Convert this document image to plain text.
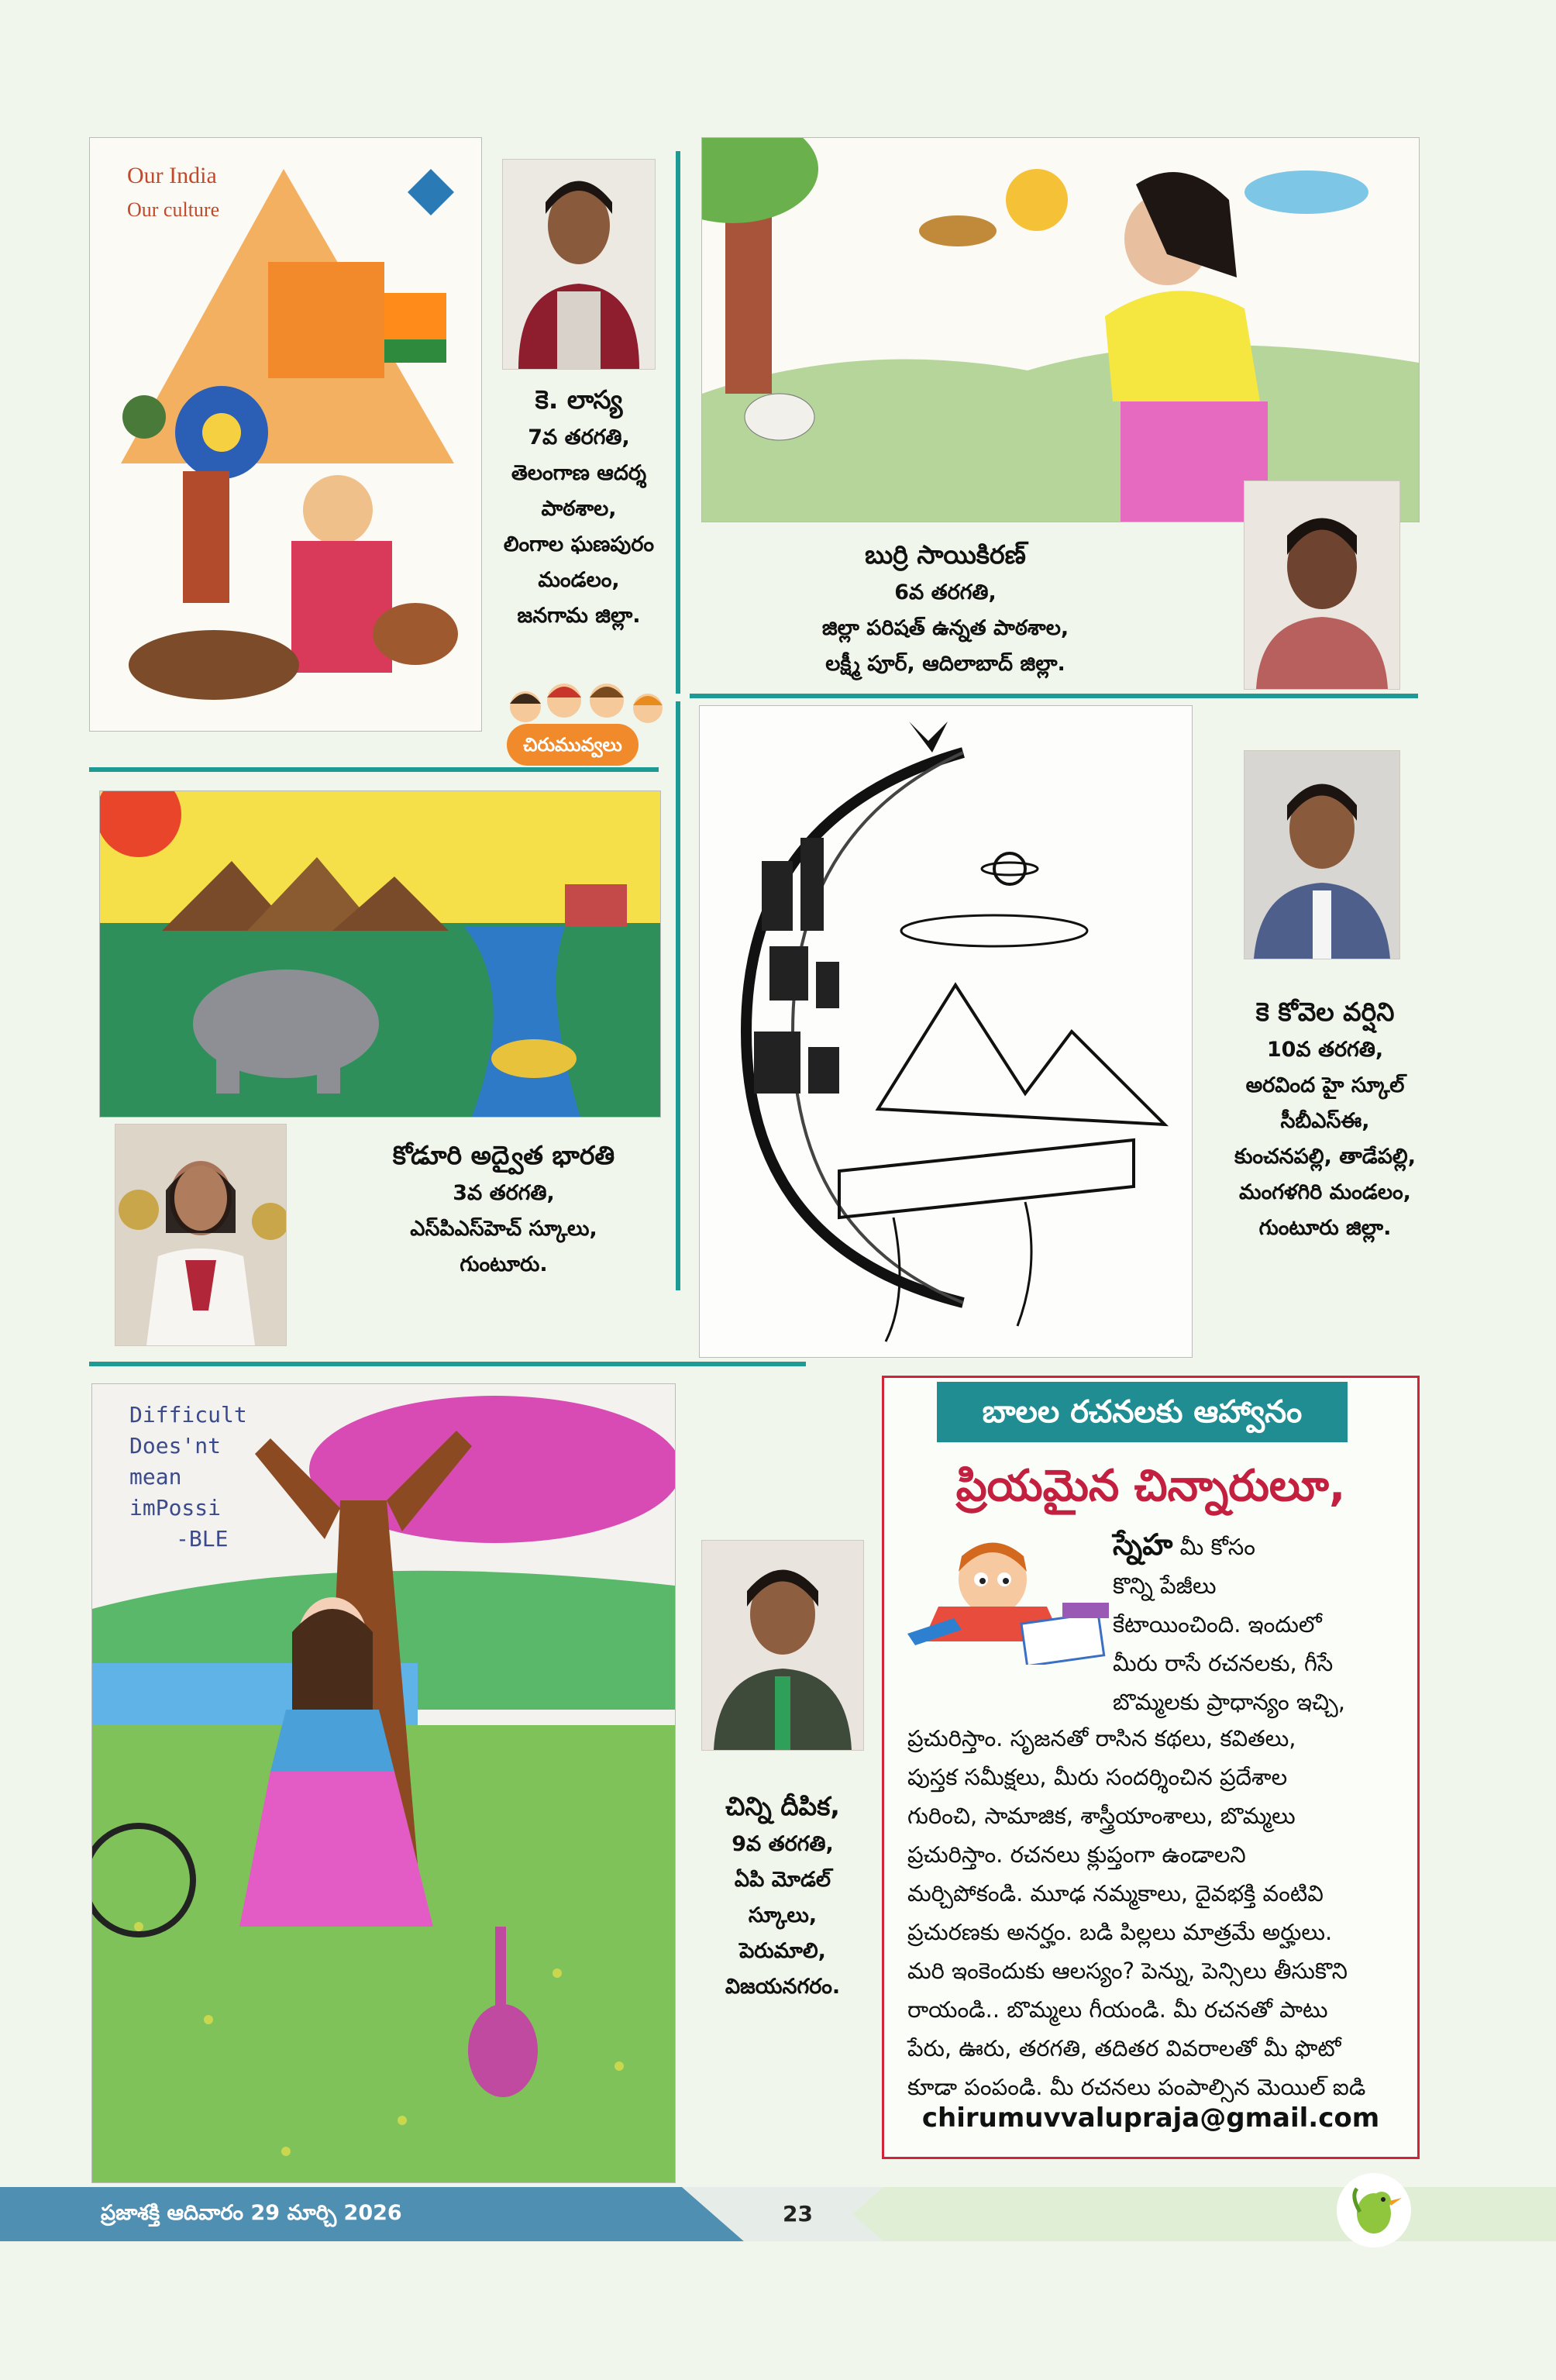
Our India
Our culture
కె. లాస్య
7వ తరగతి,
తెలంగాణ ఆదర్శ
పాఠశాల,
లింగాల ఘణపురం
మండలం,
జనగామ జిల్లా.
చిరుమువ్వలు
బుర్రి సాయికిరణ్
6వ తరగతి,
జిల్లా పరిషత్ ఉన్నత పాఠశాల,
లక్ష్మీ పూర్, ఆదిలాబాద్ జిల్లా.
కోడూరి అద్వైత భారతి
3వ తరగతి,
ఎస్‌పిఎస్‌హెచ్ స్కూలు,
గుంటూరు.
కె కోవెల వర్షిని
10వ తరగతి,
అరవింద హై స్కూల్
సీబీఎస్ఈ,
కుంచనపల్లి, తాడేపల్లి,
మంగళగిరి మండలం,
గుంటూరు జిల్లా.
Difficult
Does'nt
mean
imPossi
-BLE
చిన్ని దీపిక,
9వ తరగతి,
ఏపి మోడల్
స్కూలు,
పెరుమాలి,
విజయనగరం.
బాలల రచనలకు ఆహ్వానం
ప్రియమైన చిన్నారులూ,
స్నేహ మీ కోసం
కొన్ని పేజీలు
కేటాయించింది. ఇందులో
మీరు రాసే రచనలకు, గీసే
బొమ్మలకు ప్రాధాన్యం ఇచ్చి,
ప్రచురిస్తాం. సృజనతో రాసిన కథలు, కవితలు,
పుస్తక సమీక్షలు, మీరు సందర్శించిన ప్రదేశాల
గురించి, సామాజిక, శాస్త్రీయాంశాలు, బొమ్మలు
ప్రచురిస్తాం. రచనలు క్లుప్తంగా ఉండాలని
మర్చిపోకండి. మూఢ నమ్మకాలు, దైవభక్తి వంటివి
ప్రచురణకు అనర్హం. బడి పిల్లలు మాత్రమే అర్హులు.
మరి ఇంకెందుకు ఆలస్యం? పెన్ను, పెన్సిలు తీసుకొని
రాయండి.. బొమ్మలు గీయండి. మీ రచనతో పాటు
పేరు, ఊరు, తరగతి, తదితర వివరాలతో మీ ఫొటో
కూడా పంపండి. మీ రచనలు పంపాల్సిన మెయిల్ ఐడి
chirumuvvalupraja@gmail.com
ప్రజాశక్తి ఆదివారం 29 మార్చి 2026	23
